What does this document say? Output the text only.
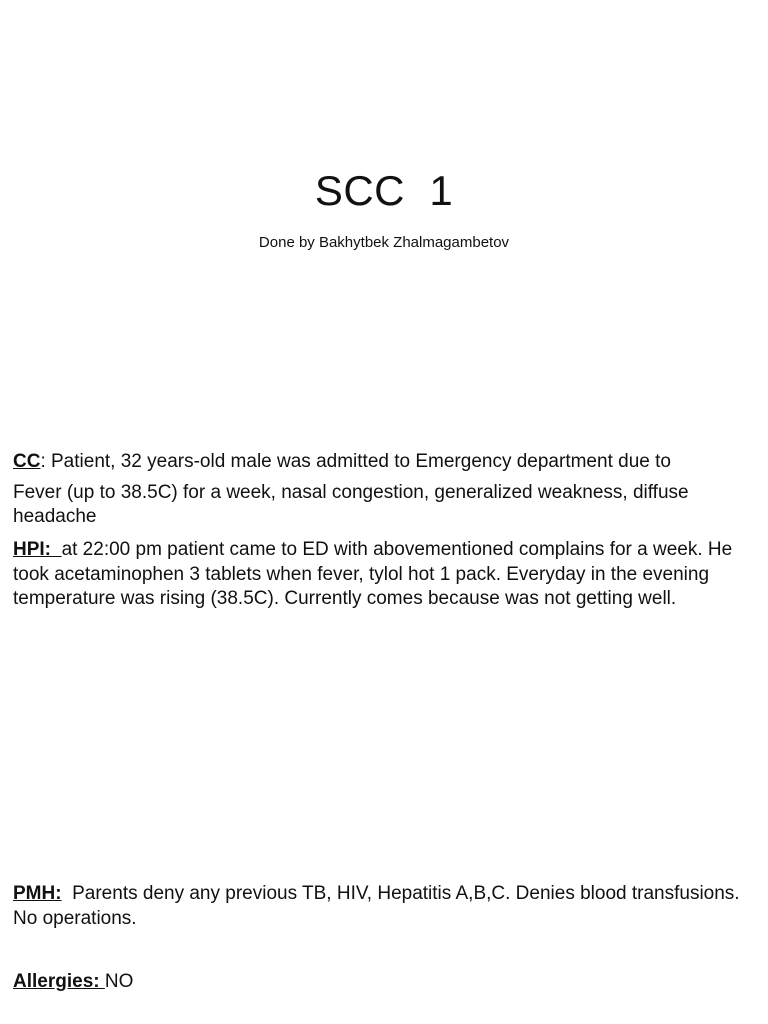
SCC  1

Done by Bakhytbek Zhalmagambetov

CC: Patient, 32 years-old male was admitted to Emergency department due to
Fever (up to 38.5C) for a week, nasal congestion, generalized weakness, diffuse headache
HPI:  at 22:00 pm patient came to ED with abovementioned complains for a week. He took acetaminophen 3 tablets when fever, tylol hot 1 pack. Everyday in the evening temperature was rising (38.5C). Currently comes because was not getting well.
PMH:  Parents deny any previous TB, HIV, Hepatitis A,B,C. Denies blood transfusions. No operations.
Allergies: NO
